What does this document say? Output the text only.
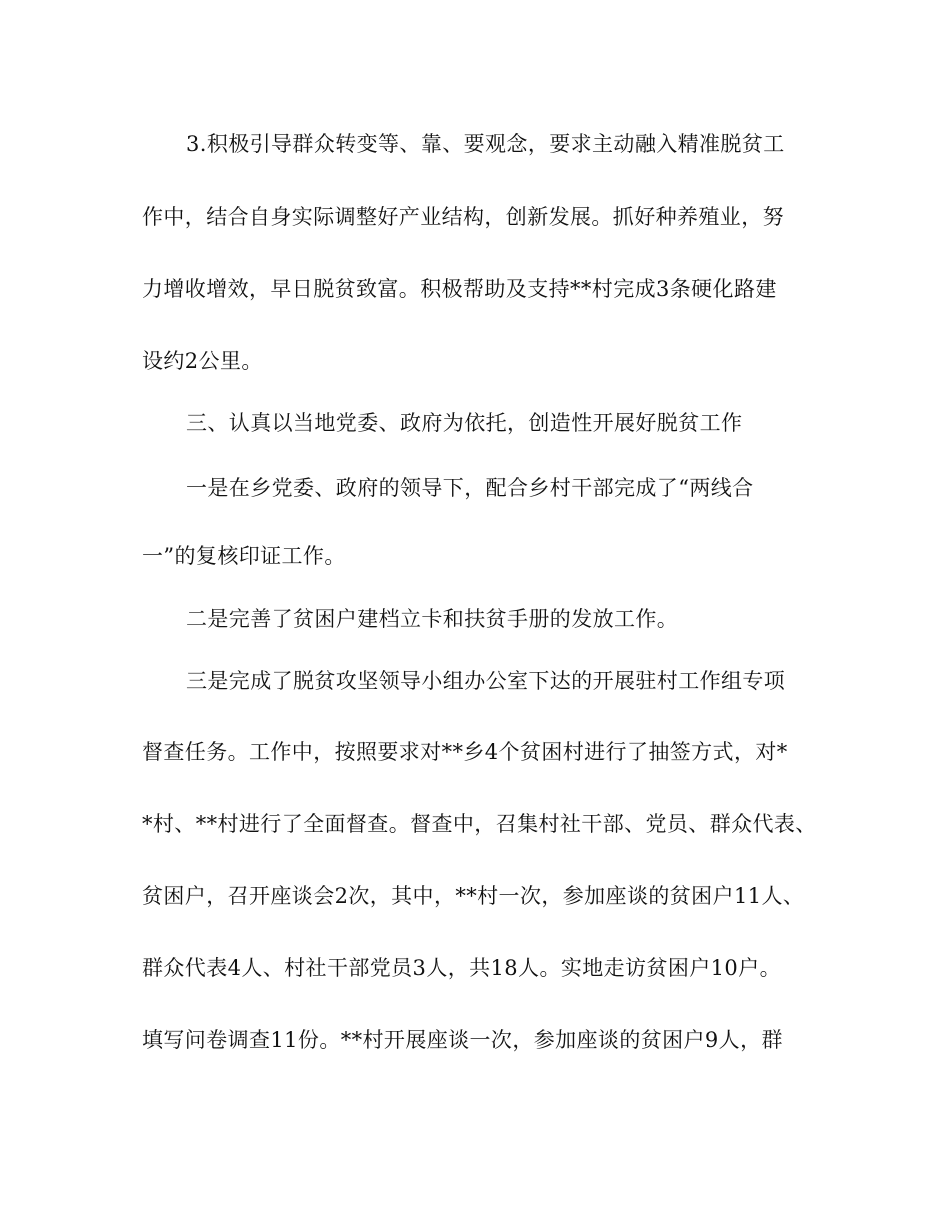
3.积极引导群众转变等、靠、要观念，要求主动融入精准脱贫工
作中，结合自身实际调整好产业结构，创新发展。抓好种养殖业，努
力增收增效，早日脱贫致富。积极帮助及支持**村完成3条硬化路建
设约2公里。
三、认真以当地党委、政府为依托，创造性开展好脱贫工作
一是在乡党委、政府的领导下，配合乡村干部完成了“两线合
一”的复核印证工作。
二是完善了贫困户建档立卡和扶贫手册的发放工作。
三是完成了脱贫攻坚领导小组办公室下达的开展驻村工作组专项
督查任务。工作中，按照要求对**乡4个贫困村进行了抽签方式，对*
*村、**村进行了全面督查。督查中，召集村社干部、党员、群众代表、
贫困户，召开座谈会2次，其中，**村一次，参加座谈的贫困户11人、
群众代表4人、村社干部党员3人，共18人。实地走访贫困户10户。
填写问卷调查11份。**村开展座谈一次，参加座谈的贫困户9人，群
